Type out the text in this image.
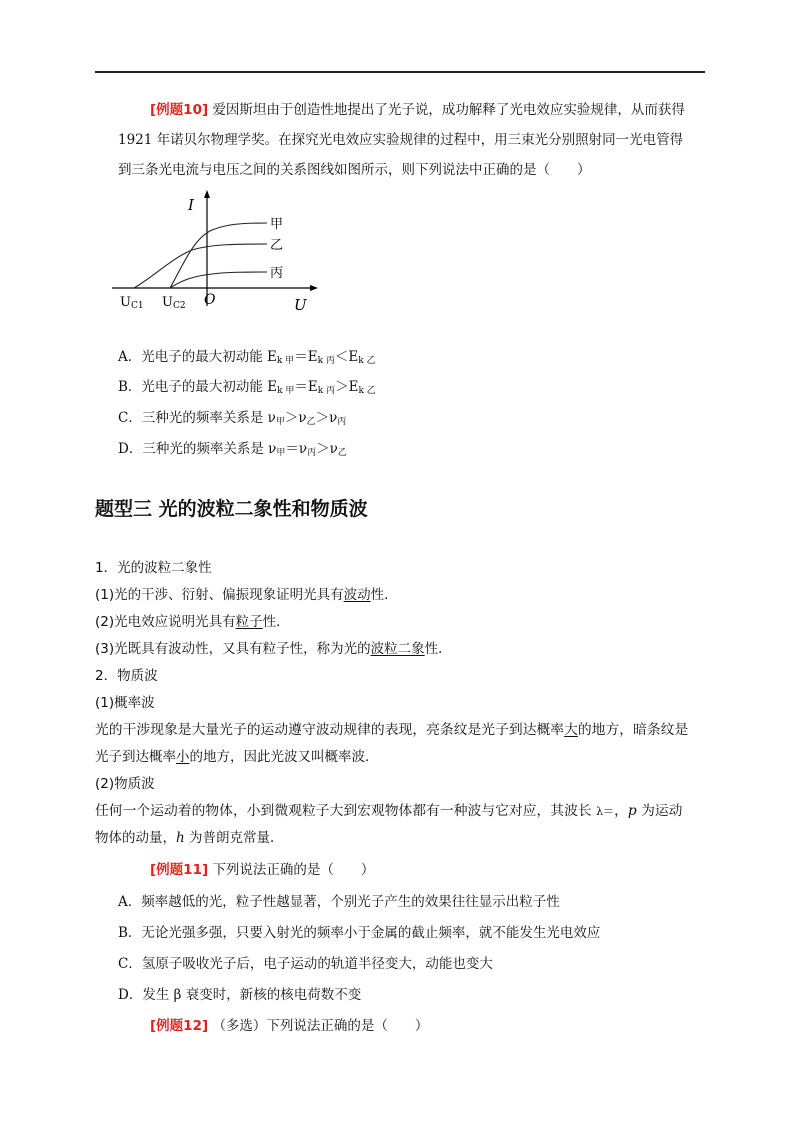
[例题10] 爱因斯坦由于创造性地提出了光子说，成功解释了光电效应实验规律，从而获得
1921 年诺贝尔物理学奖。在探究光电效应实验规律的过程中，用三束光分别照射同一光电管得
到三条光电流与电压之间的关系图线如图所示，则下列说法中正确的是（　　）
I
U
O
甲
乙
丙
UC1 UC2
A．光电子的最大初动能 $E_{k 甲}=E_{k 丙}<E_{k 乙}$
B．光电子的最大初动能 $E_{k 甲}=E_{k 丙}>E_{k 乙}$
C．三种光的频率关系是 $\nu_甲>\nu_乙>\nu_丙$
D．三种光的频率关系是 $\nu_甲=\nu_丙>\nu_乙$
题型三 光的波粒二象性和物质波
1．光的波粒二象性
(1)光的干涉、衍射、偏振现象证明光具有波动性．
(2)光电效应说明光具有粒子性．
(3)光既具有波动性，又具有粒子性，称为光的波粒二象性．
2．物质波
(1)概率波
光的干涉现象是大量光子的运动遵守波动规律的表现，亮条纹是光子到达概率大的地方，暗条纹是
光子到达概率小的地方，因此光波又叫概率波．
(2)物质波
任何一个运动着的物体，小到微观粒子大到宏观物体都有一种波与它对应，其波长 λ＝，p 为运动
物体的动量，h 为普朗克常量．
[例题11] 下列说法正确的是（　　）
A．频率越低的光，粒子性越显著，个别光子产生的效果往往显示出粒子性
B．无论光强多强，只要入射光的频率小于金属的截止频率，就不能发生光电效应
C．氢原子吸收光子后，电子运动的轨道半径变大，动能也变大
D．发生 β 衰变时，新核的核电荷数不变
[例题12] （多选）下列说法正确的是（　　）
